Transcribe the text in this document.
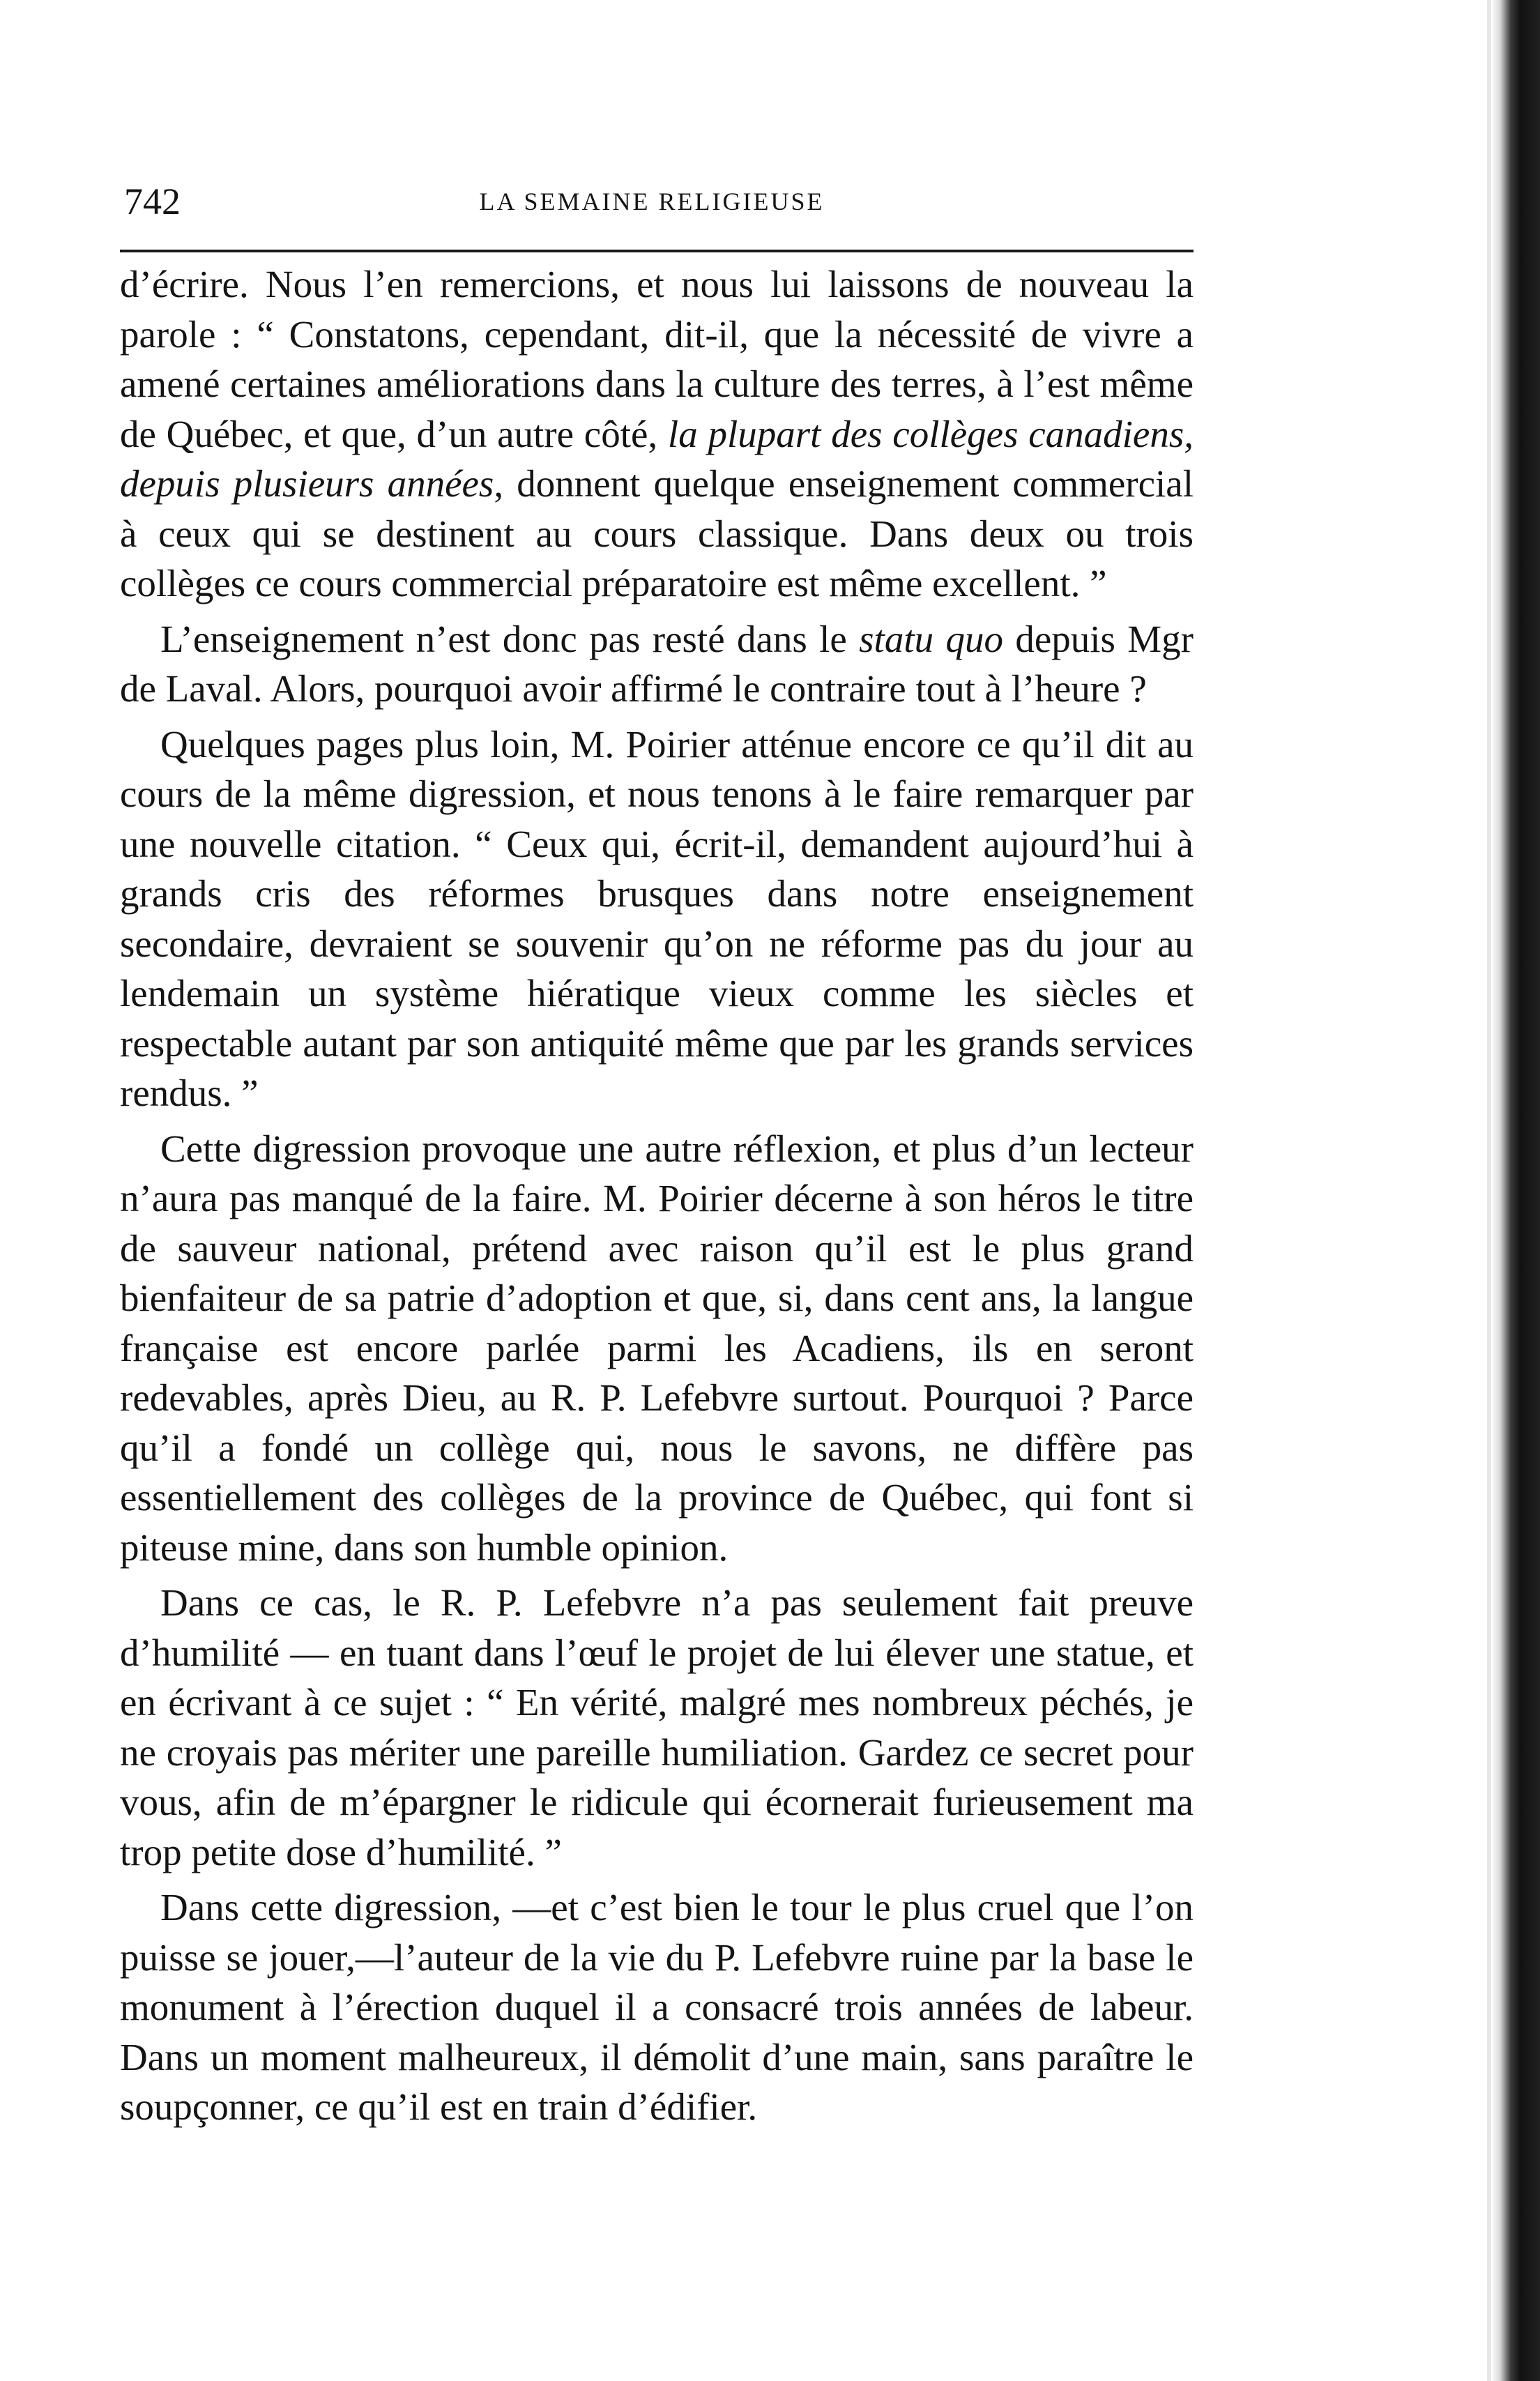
742	LA SEMAINE RELIGIEUSE

d’écrire. Nous l’en remercions, et nous lui laissons de nouveau la parole : “ Constatons, cependant, dit-il, que la nécessité de vivre a amené certaines améliorations dans la culture des terres, à l’est même de Québec, et que, d’un autre côté, la plupart des collèges canadiens, depuis plusieurs années, donnent quelque enseignement commercial à ceux qui se destinent au cours classique. Dans deux ou trois collèges ce cours commercial préparatoire est même excellent. ”

L’enseignement n’est donc pas resté dans le statu quo depuis Mgr de Laval. Alors, pourquoi avoir affirmé le contraire tout à l’heure ?

Quelques pages plus loin, M. Poirier atténue encore ce qu’il dit au cours de la même digression, et nous tenons à le faire remarquer par une nouvelle citation. “ Ceux qui, écrit-il, demandent aujourd’hui à grands cris des réformes brusques dans notre enseignement secondaire, devraient se souvenir qu’on ne réforme pas du jour au lendemain un système hiératique vieux comme les siècles et respectable autant par son antiquité même que par les grands services rendus. ”

Cette digression provoque une autre réflexion, et plus d’un lecteur n’aura pas manqué de la faire. M. Poirier décerne à son héros le titre de sauveur national, prétend avec raison qu’il est le plus grand bienfaiteur de sa patrie d’adoption et que, si, dans cent ans, la langue française est encore parlée parmi les Acadiens, ils en seront redevables, après Dieu, au R. P. Lefebvre surtout. Pourquoi ? Parce qu’il a fondé un collège qui, nous le savons, ne diffère pas essentiellement des collèges de la province de Québec, qui font si piteuse mine, dans son humble opinion.

Dans ce cas, le R. P. Lefebvre n’a pas seulement fait preuve d’humilité — en tuant dans l’œuf le projet de lui élever une statue, et en écrivant à ce sujet : “ En vérité, malgré mes nombreux péchés, je ne croyais pas mériter une pareille humiliation. Gardez ce secret pour vous, afin de m’épargner le ridicule qui écornerait furieusement ma trop petite dose d’humilité. ”

Dans cette digression, —et c’est bien le tour le plus cruel que l’on puisse se jouer,—l’auteur de la vie du P. Lefebvre ruine par la base le monument à l’érection duquel il a consacré trois années de labeur. Dans un moment malheureux, il démolit d’une main, sans paraître le soupçonner, ce qu’il est en train d’édifier.
